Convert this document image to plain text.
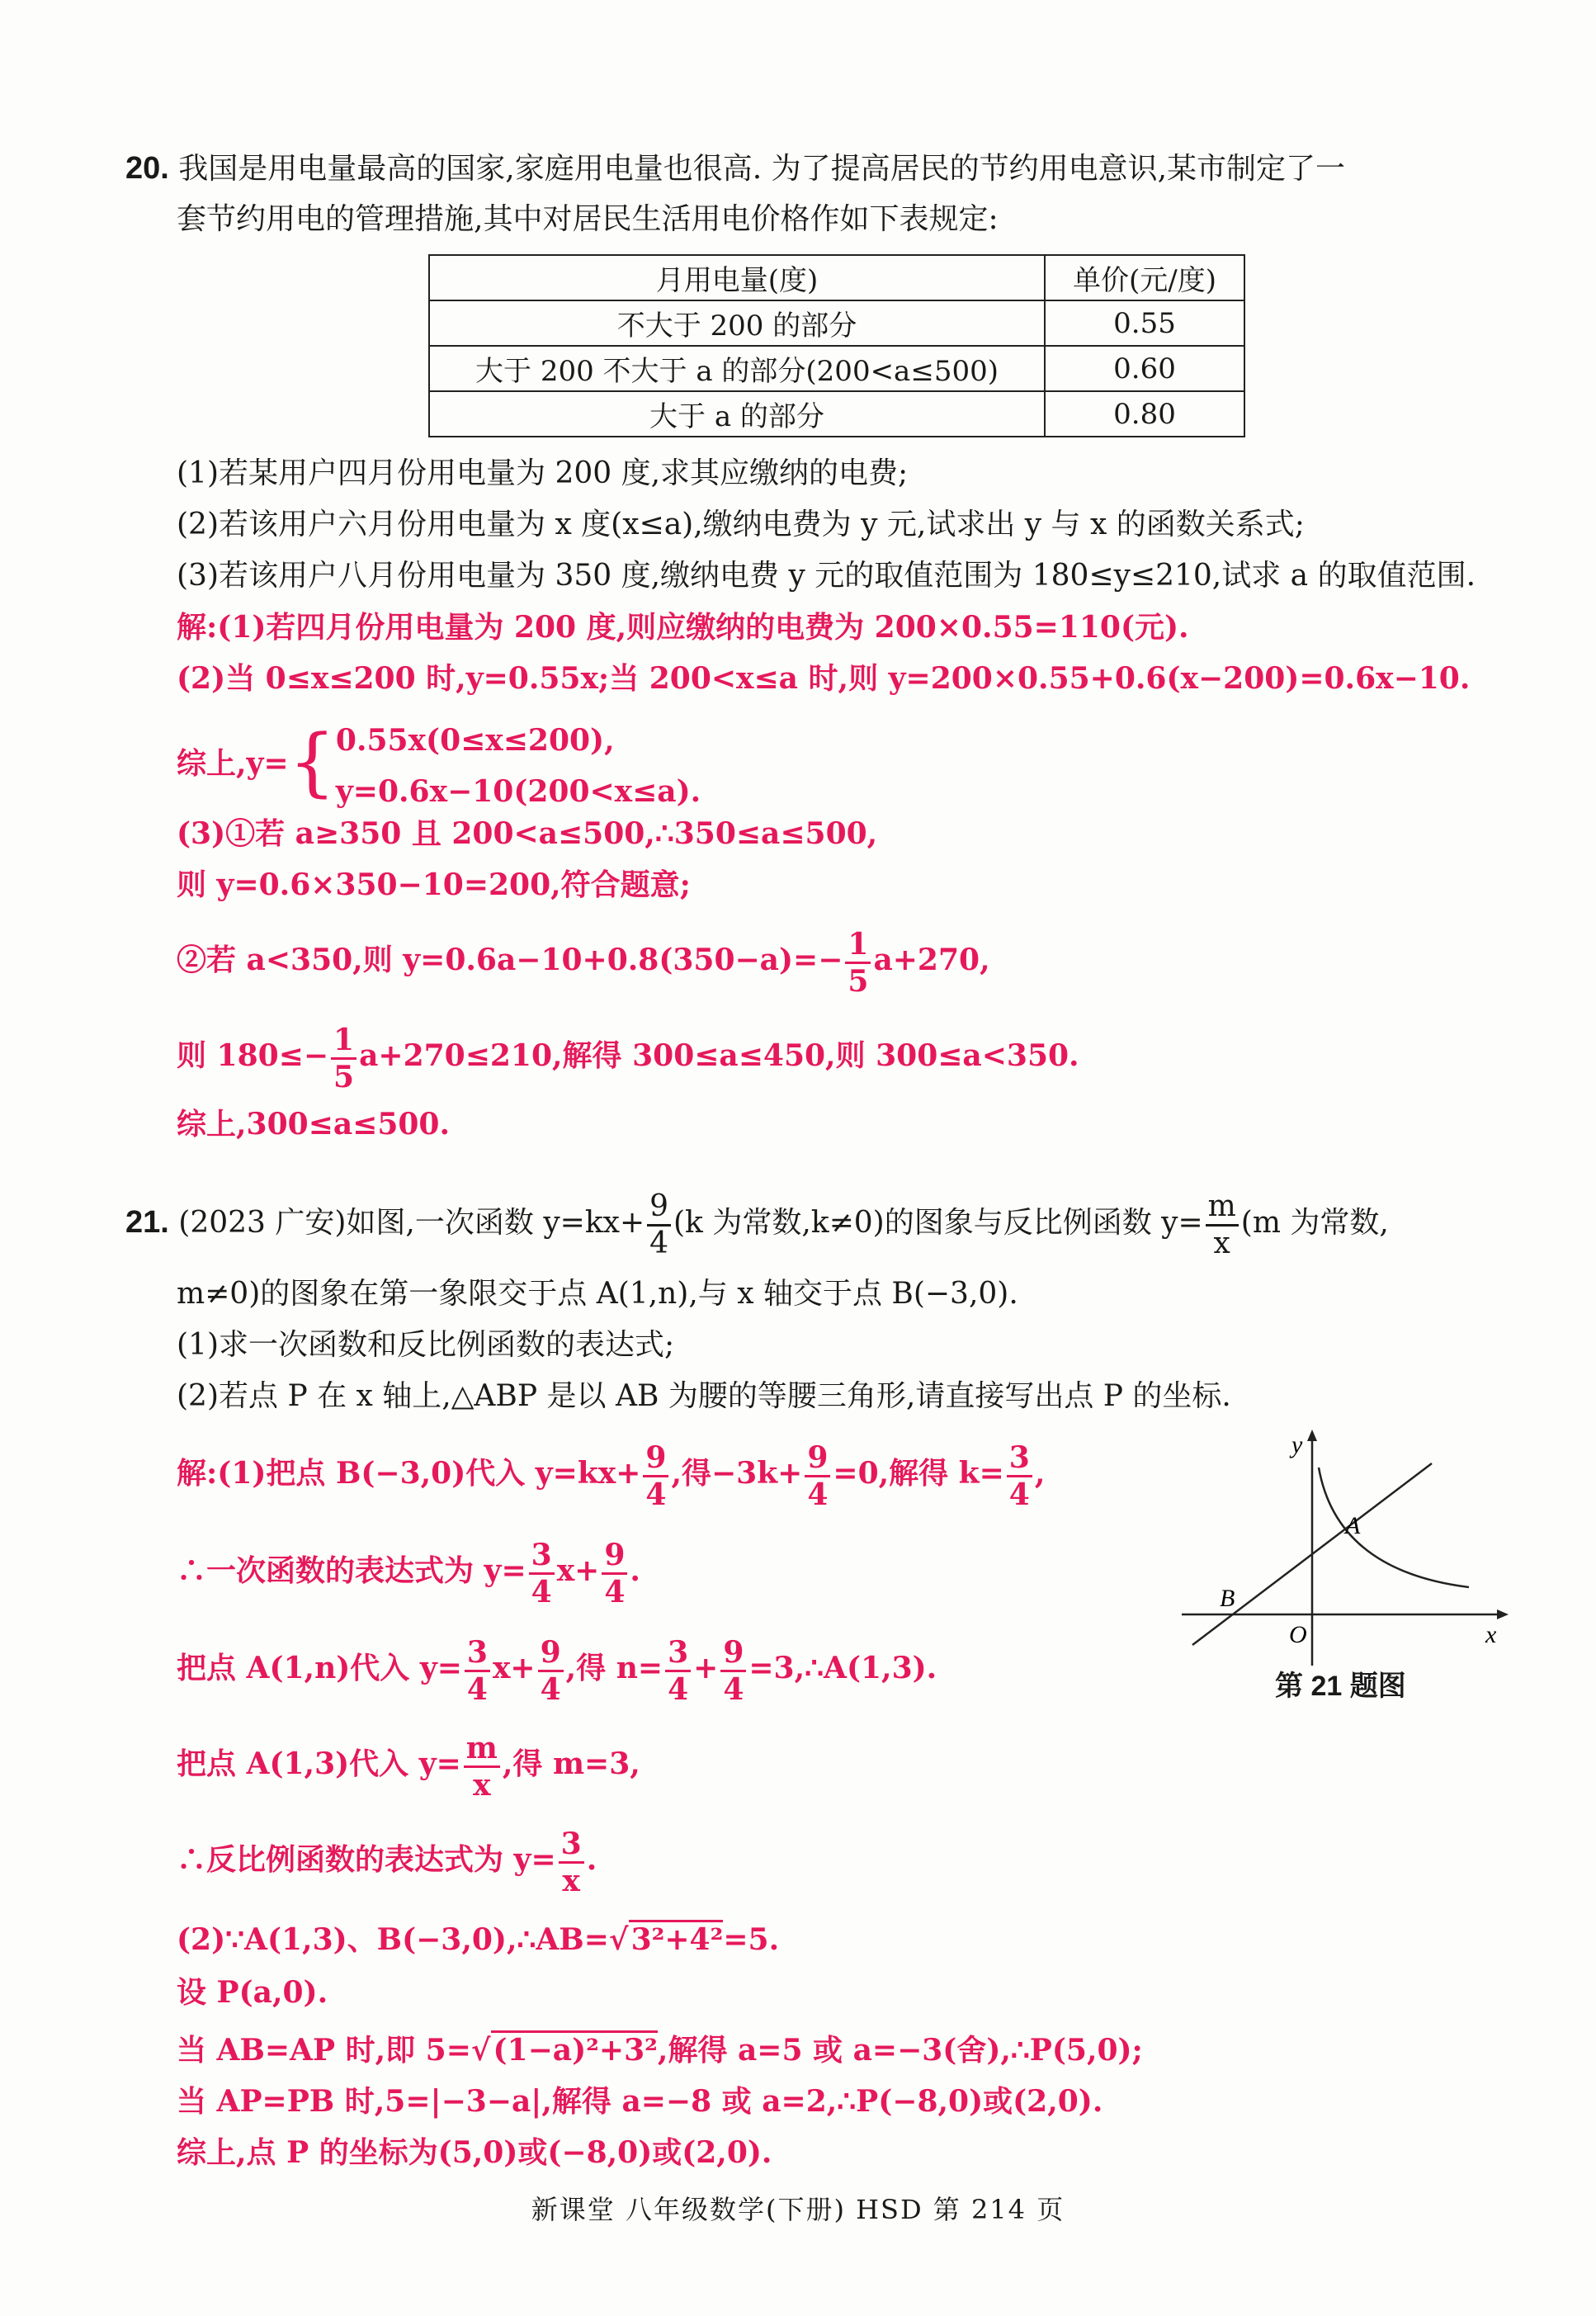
20. 我国是用电量最高的国家,家庭用电量也很高. 为了提高居民的节约用电意识,某市制定了一
套节约用电的管理措施,其中对居民生活用电价格作如下表规定:
月用电量(度)	单价(元/度)
不大于 200 的部分	0.55
大于 200 不大于 a 的部分(200<a≤500)	0.60
大于 a 的部分	0.80
(1)若某用户四月份用电量为 200 度,求其应缴纳的电费;
(2)若该用户六月份用电量为 x 度(x≤a),缴纳电费为 y 元,试求出 y 与 x 的函数关系式;
(3)若该用户八月份用电量为 350 度,缴纳电费 y 元的取值范围为 180≤y≤210,试求 a 的取值范围.
解:(1)若四月份用电量为 200 度,则应缴纳的电费为 200×0.55=110(元).
(2)当 0≤x≤200 时,y=0.55x;当 200<x≤a 时,则 y=200×0.55+0.6(x−200)=0.6x−10.
综上,y={ 0.55x(0≤x≤200),
y=0.6x−10(200<x≤a).
(3)①若 a≥350 且 200<a≤500,∴350≤a≤500,
则 y=0.6×350−10=200,符合题意;
②若 a<350,则 $y=0.6a-10+0.8(350-a)=- \frac{1}{5} a+270$,
则 $180\le- \frac{1}{5} a+270\le 210$,解得 300≤a≤450,则 300≤a<350.
综上,300≤a≤500.
21. (2023 广安)如图,一次函数 $y=kx+ \frac{9}{4} (k$ 为常数,k≠0)的图象与反比例函数 $y= \frac{m}{x} (m$ 为常数,
m≠0)的图象在第一象限交于点 A(1,n),与 x 轴交于点 B(−3,0).
(1)求一次函数和反比例函数的表达式;
(2)若点 P 在 x 轴上,△ABP 是以 AB 为腰的等腰三角形,请直接写出点 P 的坐标.
解:(1)把点 B(−3,0)代入 $y=kx+ \frac{9}{4}$ ,得$-3k+ \frac{9}{4} =0$,解得 $k= \frac{3}{4}$ ,
∴一次函数的表达式为 $y= \frac{3}{4} x+ \frac{9}{4}$ .
把点 A(1,n)代入 $y= \frac{3}{4} x+ \frac{9}{4}$ ,得 $n= \frac{3}{4} + \frac{9}{4}$ =3,∴A(1,3).
把点 A(1,3)代入 $y= \frac{m}{x}$ ,得 m=3,
∴反比例函数的表达式为 $y= \frac{3}{x}$ .
(2)∵A(1,3)、B(−3,0),∴AB=√3²+4²=5.
设 P(a,0).
当 AB=AP 时,即 5=√(1−a)²+3²,解得 a=5 或 a=−3(舍),∴P(5,0);
当 AP=PB 时,5=|−3−a|,解得 a=−8 或 a=2,∴P(−8,0)或(2,0).
综上,点 P 的坐标为(5,0)或(−8,0)或(2,0).
y
x
O
A
B
第 21 题图
新课堂 八年级数学(下册) HSD 第 214 页
